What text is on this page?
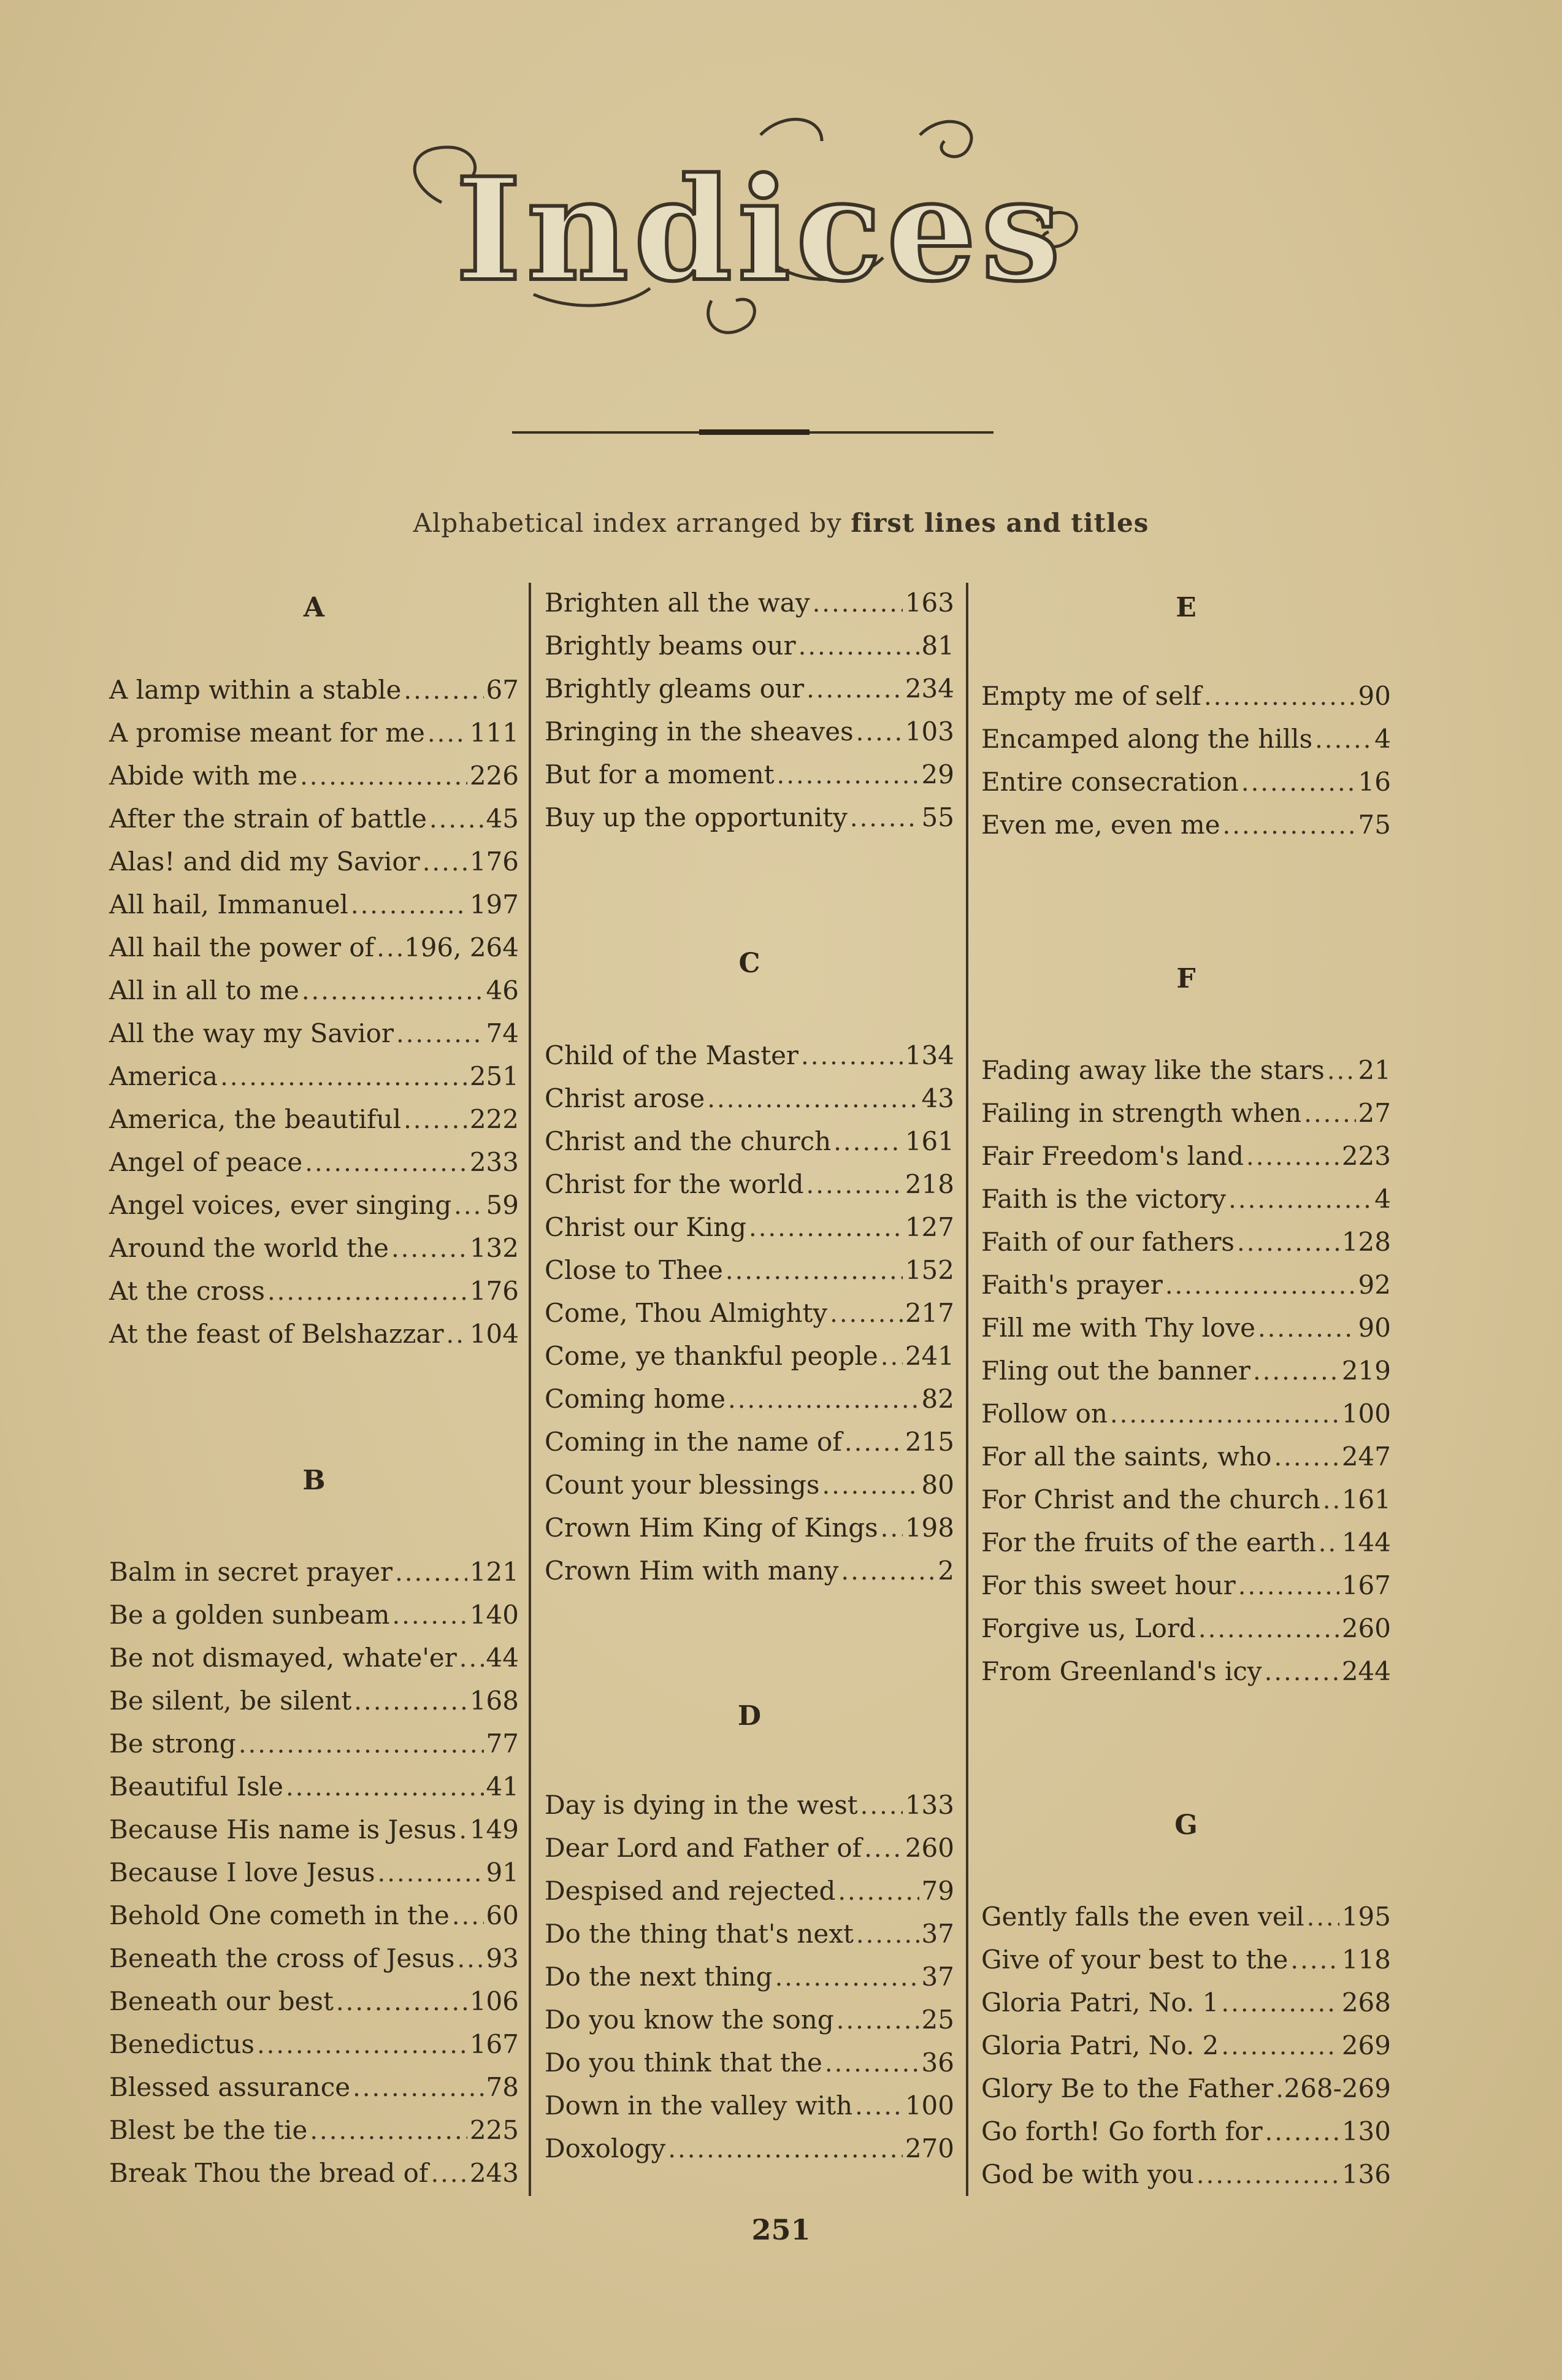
Indices
Alphabetical index arranged by first lines and titles
A
A lamp within a stable .....	67
A promise meant for me ..... 111
Abide with me .....	226
After the strain of battle ..... 45
Alas! and did my Savior ..... 176
All hail, Immanuel .....	197
All hail the power of ..... 196, 264
All in all to me .....	46
All the way my Savior .....	74
America .....	251
America, the beautiful .....	222
Angel of peace .....	233
Angel voices, ever singing ..... 59
Around the world the .....	132
At the cross .....	176
At the feast of Belshazzar ..... 104
B
Balm in secret prayer .....	121
Be a golden sunbeam .....	140
Be not dismayed, whate'er ..... 44
Be silent, be silent .....	168
Be strong .....	77
Beautiful Isle .....	41
Because His name is Jesus ..... 149
Because I love Jesus .....	91
Behold One cometh in the ..... 60
Beneath the cross of Jesus ..... 93
Beneath our best .....	106
Benedictus .....	167
Blessed assurance .....	78
Blest be the tie .....	225
Break Thou the bread of ..... 243
Brighten all the way .....	163
Brightly beams our .....	81
Brightly gleams our .....	234
Bringing in the sheaves ..... 103
But for a moment .....	29
Buy up the opportunity .....	55
C
Child of the Master .....	134
Christ arose .....	43
Christ and the church .....	161
Christ for the world .....	218
Christ our King .....	127
Close to Thee .....	152
Come, Thou Almighty .....	217
Come, ye thankful people ..... 241
Coming home .....	82
Coming in the name of ..... 215
Count your blessings .....	80
Crown Him King of Kings ..... 198
Crown Him with many .....	2
D
Day is dying in the west ..... 133
Dear Lord and Father of ..... 260
Despised and rejected .....	79
Do the thing that's next .....	37
Do the next thing .....	37
Do you know the song .....	25
Do you think that the .....	36
Down in the valley with ..... 100
Doxology .....	270
E
Empty me of self .....	90
Encamped along the hills ..... 4
Entire consecration .....	16
Even me, even me .....	75
F
Fading away like the stars ..... 21
Failing in strength when ..... 27
Fair Freedom's land .....	223
Faith is the victory .....	4
Faith of our fathers .....	128
Faith's prayer .....	92
Fill me with Thy love .....	90
Fling out the banner .....	219
Follow on .....	100
For all the saints, who .....	247
For Christ and the church ..... 161
For the fruits of the earth ..... 144
For this sweet hour .....	167
Forgive us, Lord .....	260
From Greenland's icy .....	244
G
Gently falls the even veil ..... 195
Give of your best to the ..... 118
Gloria Patri, No. 1 .....	268
Gloria Patri, No. 2 .....	269
Glory Be to the Father ..... 268-269
Go forth! Go forth for .....	130
God be with you .....	136
251
